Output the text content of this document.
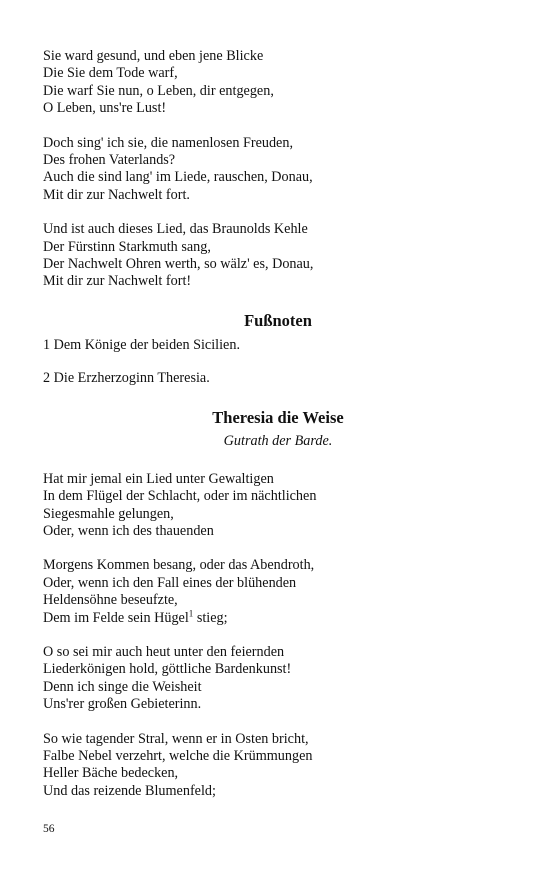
Sie ward gesund, und eben jene Blicke
Die Sie dem Tode warf,
Die warf Sie nun, o Leben, dir entgegen,
O Leben, uns're Lust!
Doch sing' ich sie, die namenlosen Freuden,
Des frohen Vaterlands?
Auch die sind lang' im Liede, rauschen, Donau,
Mit dir zur Nachwelt fort.
Und ist auch dieses Lied, das Braunolds Kehle
Der Fürstinn Starkmuth sang,
Der Nachwelt Ohren werth, so wälz' es, Donau,
Mit dir zur Nachwelt fort!
Fußnoten
1 Dem Könige der beiden Sicilien.
2 Die Erzherzoginn Theresia.
Theresia die Weise
Gutrath der Barde.
Hat mir jemal ein Lied unter Gewaltigen
In dem Flügel der Schlacht, oder im nächtlichen
Siegesmahle gelungen,
Oder, wenn ich des thauenden
Morgens Kommen besang, oder das Abendroth,
Oder, wenn ich den Fall eines der blühenden
Heldensöhne beseufzte,
Dem im Felde sein Hügel$^1$ stieg;
O so sei mir auch heut unter den feiernden
Liederkönigen hold, göttliche Bardenkunst!
Denn ich singe die Weisheit
Uns'rer großen Gebieterinn.
So wie tagender Stral, wenn er in Osten bricht,
Falbe Nebel verzehrt, welche die Krümmungen
Heller Bäche bedecken,
Und das reizende Blumenfeld;
56
